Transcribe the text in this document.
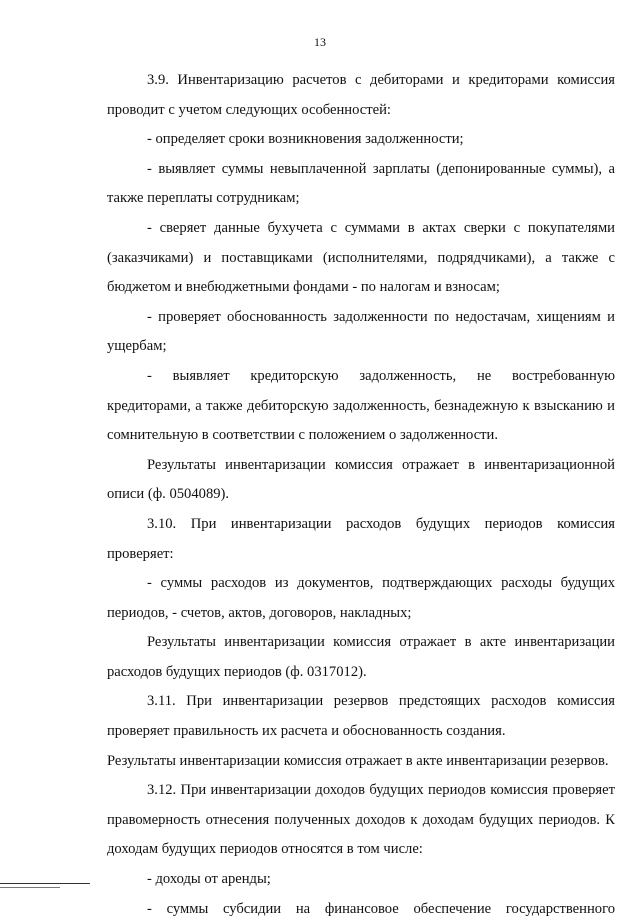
13

3.9. Инвентаризацию расчетов с дебиторами и кредиторами комиссия проводит с учетом следующих особенностей:

- определяет сроки возникновения задолженности;

- выявляет суммы невыплаченной зарплаты (депонированные суммы), а также переплаты сотрудникам;

- сверяет данные бухучета с суммами в актах сверки с покупателями (заказчиками) и поставщиками (исполнителями, подрядчиками), а также с бюджетом и внебюджетными фондами - по налогам и взносам;

- проверяет обоснованность задолженности по недостачам, хищениям и ущербам;

- выявляет кредиторскую задолженность, не востребованную кредиторами, а также дебиторскую задолженность, безнадежную к взысканию и сомнительную в соответствии с положением о задолженности.

Результаты инвентаризации комиссия отражает в инвентаризационной описи (ф. 0504089).

3.10. При инвентаризации расходов будущих периодов комиссия проверяет:

- суммы расходов из документов, подтверждающих расходы будущих периодов, - счетов, актов, договоров, накладных;

Результаты инвентаризации комиссия отражает в акте инвентаризации расходов будущих периодов (ф. 0317012).

3.11. При инвентаризации резервов предстоящих расходов комиссия проверяет правильность их расчета и обоснованность создания.

Результаты инвентаризации комиссия отражает в акте инвентаризации резервов.

3.12. При инвентаризации доходов будущих периодов комиссия проверяет правомерность отнесения полученных доходов к доходам будущих периодов. К доходам будущих периодов относятся в том числе:

- доходы от аренды;

- суммы субсидии на финансовое обеспечение государственного
